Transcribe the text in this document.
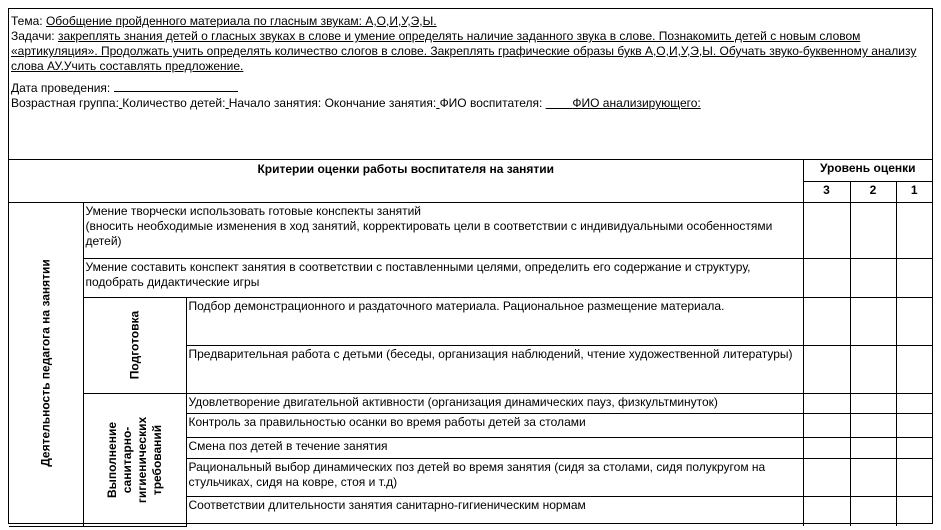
Тема: Обобщение пройденного материала по гласным звукам: А,О,И,У,Э,Ы.

Задачи: закреплять знания детей о гласных звуках в слове и умение определять наличие заданного звука в слове. Познакомить детей с новым словом «артикуляция». Продолжать учить определять количество слогов в слове. Закреплять графические образы букв А,О,И,У,Э,Ы. Обучать звуко-буквенному анализу слова АУ.Учить составлять предложение.

Дата проведения:

Возрастная группа: Количество детей: Начало занятия: Окончание занятия: ФИО воспитателя:	ФИО анализирующего:

Критерии оценки работы воспитателя на занятии			Уровень оценки		
			3	2	1

Деятельность педагога на занятии	Умение творчески использовать готовые конспекты занятий
(вносить необходимые изменения в ход занятий, корректировать цели в соответствии с индивидуальными особенностями детей)				
	Умение составить конспект занятия в соответствии с поставленными целями, определить его содержание и структуру, подобрать дидактические игры				

	Подготовка	Подбор демонстрационного и раздаточного материала. Рациональное размещение материала.			
		Предварительная работа с детьми (беседы, организация наблюдений, чтение художественной литературы)			

	Выполнение санитарно-гигиенических требований	Удовлетворение двигательной активности (организация динамических пауз, физкультминуток)			
		Контроль за правильностью осанки во время работы детей за столами			
		Смена поз детей в течение занятия			
		Рациональный выбор динамических поз детей во время занятия (сидя за столами, сидя полукругом на стульчиках, сидя на ковре, стоя и т.д)			
		Соответствии длительности занятия санитарно-гигиеническим нормам			
